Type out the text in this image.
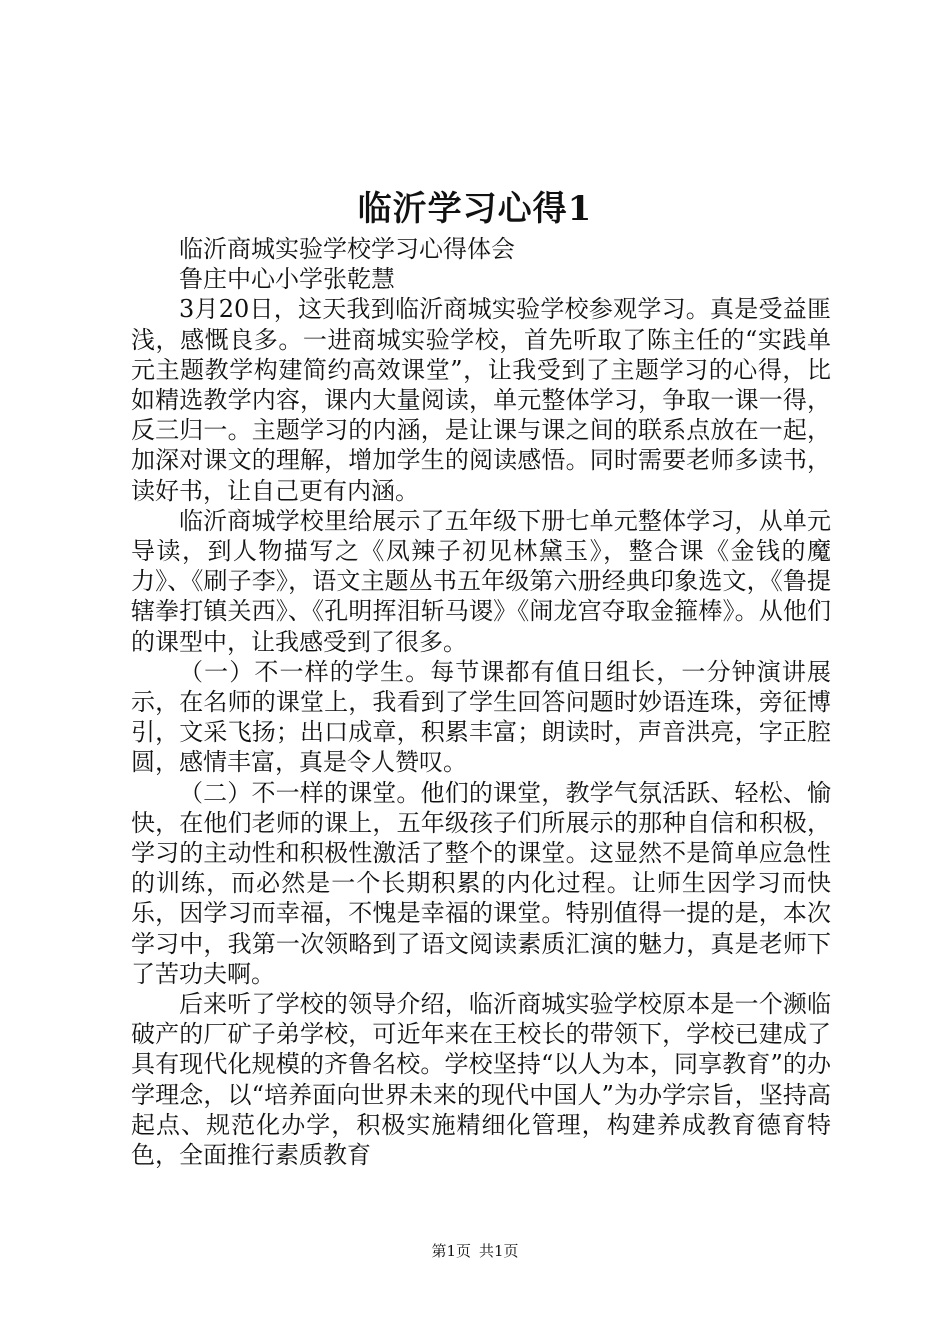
临沂学习心得1

临沂商城实验学校学习心得体会

鲁庄中心小学张乾慧

3月20日，这天我到临沂商城实验学校参观学习。真是受益匪浅，感慨良多。一进商城实验学校，首先听取了陈主任的“实践单元主题教学构建简约高效课堂”，让我受到了主题学习的心得，比如精选教学内容，课内大量阅读，单元整体学习，争取一课一得，反三归一。主题学习的内涵，是让课与课之间的联系点放在一起，加深对课文的理解，增加学生的阅读感悟。同时需要老师多读书，读好书，让自己更有内涵。

临沂商城学校里给展示了五年级下册七单元整体学习，从单元导读，到人物描写之《凤辣子初见林黛玉》，整合课《金钱的魔力》、《刷子李》，语文主题丛书五年级第六册经典印象选文，《鲁提辖拳打镇关西》、《孔明挥泪斩马谡》《闹龙宫夺取金箍棒》。从他们的课型中，让我感受到了很多。

（一）不一样的学生。每节课都有值日组长，一分钟演讲展示，在名师的课堂上，我看到了学生回答问题时妙语连珠，旁征博引，文采飞扬；出口成章，积累丰富；朗读时，声音洪亮，字正腔圆，感情丰富，真是令人赞叹。

（二）不一样的课堂。他们的课堂，教学气氛活跃、轻松、愉快，在他们老师的课上，五年级孩子们所展示的那种自信和积极，学习的主动性和积极性激活了整个的课堂。这显然不是简单应急性的训练，而必然是一个长期积累的内化过程。让师生因学习而快乐，因学习而幸福，不愧是幸福的课堂。特别值得一提的是，本次学习中，我第一次领略到了语文阅读素质汇演的魅力，真是老师下了苦功夫啊。

后来听了学校的领导介绍，临沂商城实验学校原本是一个濒临破产的厂矿子弟学校，可近年来在王校长的带领下，学校已建成了具有现代化规模的齐鲁名校。学校坚持“以人为本，同享教育”的办学理念，以“培养面向世界未来的现代中国人”为办学宗旨，坚持高起点、规范化办学，积极实施精细化管理，构建养成教育德育特色，全面推行素质教育

第1页 共1页
